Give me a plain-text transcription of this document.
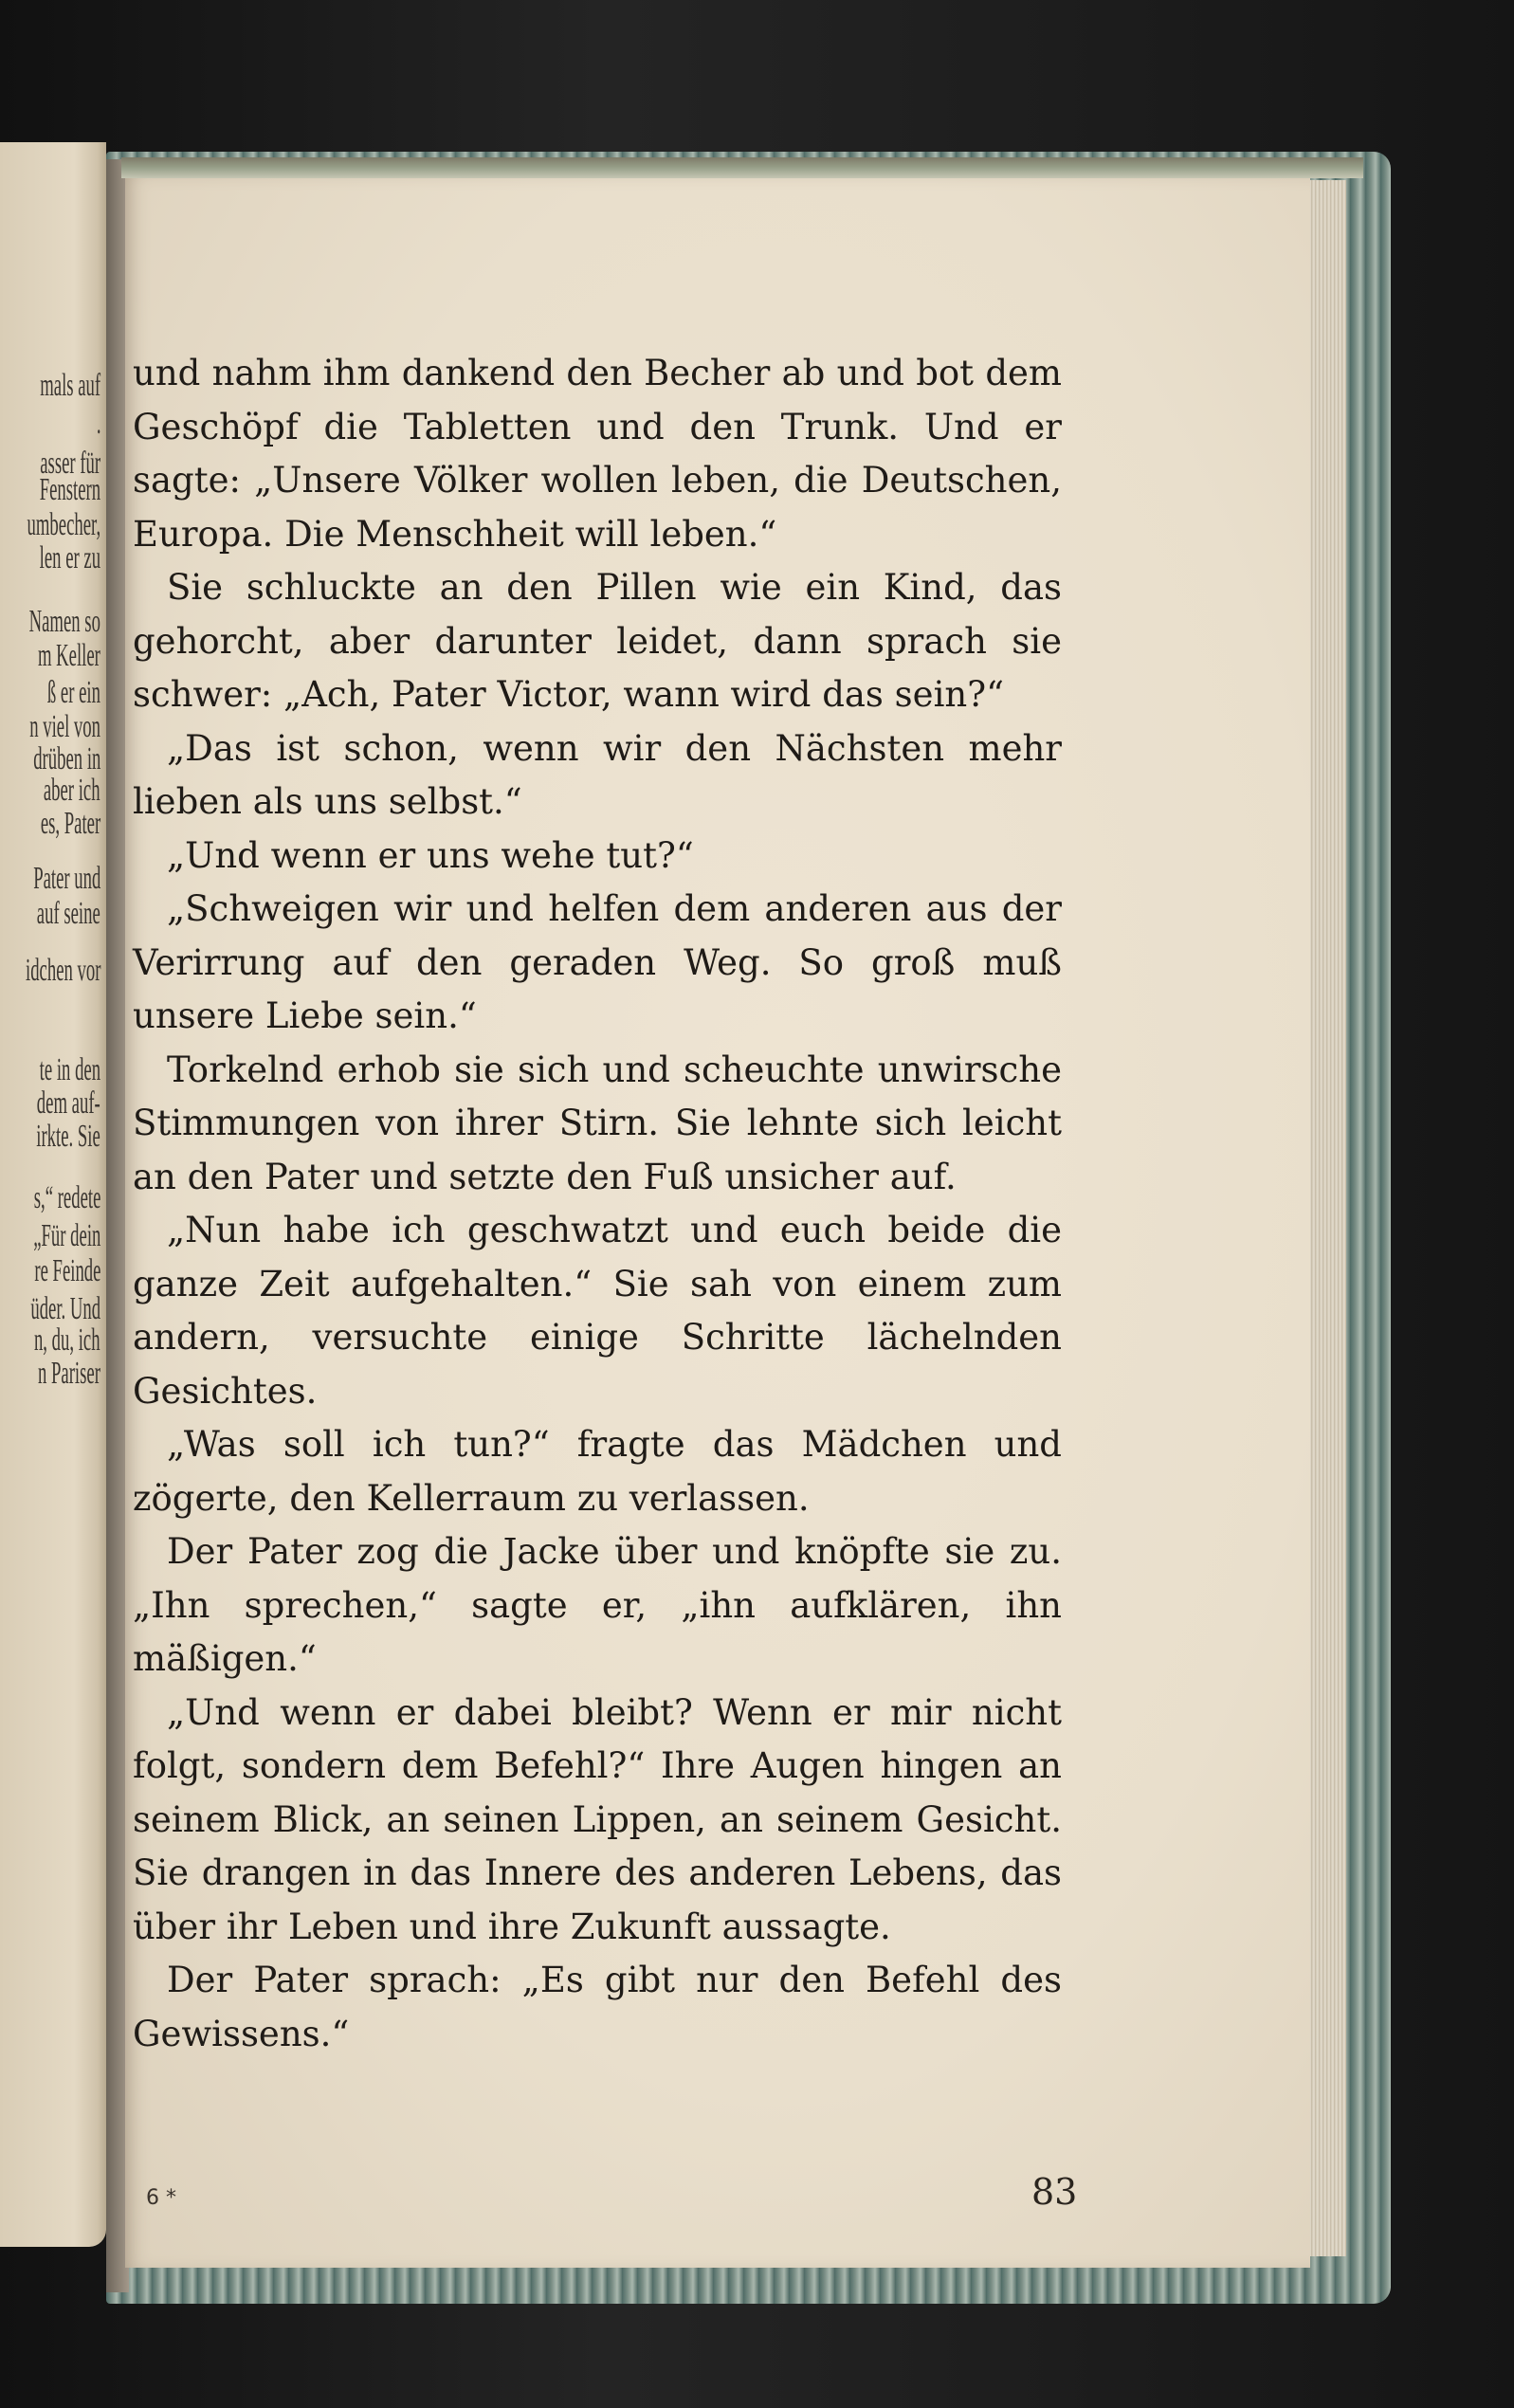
mals auf
.
asser für
Fenstern
umbecher,
len er zu
Namen so
m Keller
ß er ein
n viel von
drüben in
aber ich
es, Pater
Pater und
auf seine
idchen vor
te in den
dem auf-
irkte. Sie
s,“ redete
„Für dein
re Feinde
üder. Und
n, du, ich
n Pariser

und nahm ihm dankend den Becher ab und bot dem Geschöpf die Tabletten und den Trunk. Und er sagte: „Unsere Völker wollen leben, die Deutschen, Europa. Die Menschheit will leben.“

Sie schluckte an den Pillen wie ein Kind, das gehorcht, aber darunter leidet, dann sprach sie schwer: „Ach, Pater Victor, wann wird das sein?“

„Das ist schon, wenn wir den Nächsten mehr lieben als uns selbst.“

„Und wenn er uns wehe tut?“

„Schweigen wir und helfen dem anderen aus der Verirrung auf den geraden Weg. So groß muß unsere Liebe sein.“

Torkelnd erhob sie sich und scheuchte unwirsche Stimmungen von ihrer Stirn. Sie lehnte sich leicht an den Pater und setzte den Fuß unsicher auf.

„Nun habe ich geschwatzt und euch beide die ganze Zeit aufgehalten.“ Sie sah von einem zum andern, versuchte einige Schritte lächelnden Gesichtes.

„Was soll ich tun?“ fragte das Mädchen und zögerte, den Kellerraum zu verlassen.

Der Pater zog die Jacke über und knöpfte sie zu. „Ihn sprechen,“ sagte er, „ihn aufklären, ihn mäßigen.“

„Und wenn er dabei bleibt? Wenn er mir nicht folgt, sondern dem Befehl?“ Ihre Augen hingen an seinem Blick, an seinen Lippen, an seinem Gesicht. Sie drangen in das Innere des anderen Lebens, das über ihr Leben und ihre Zukunft aussagte.

Der Pater sprach: „Es gibt nur den Befehl des Gewissens.“

6 *	83
